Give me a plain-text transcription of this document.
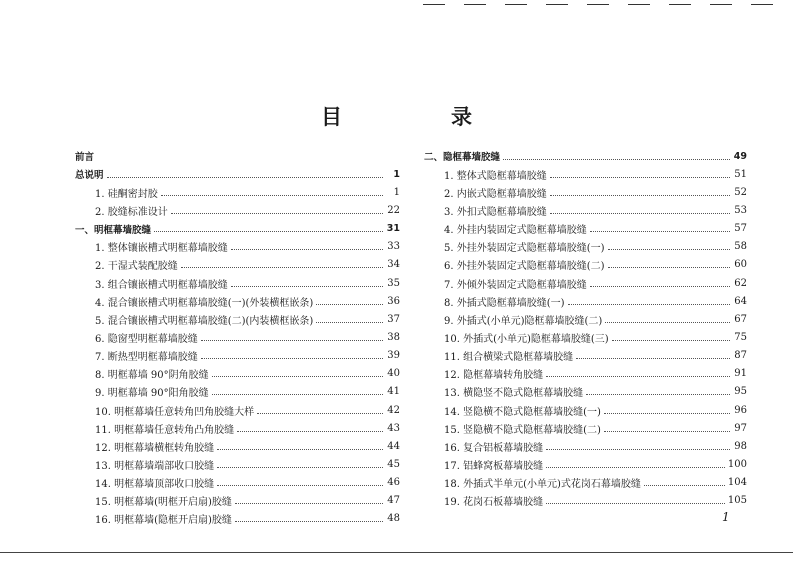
目　录
前言
总说明	1
1. 硅酮密封胶	1
2. 胶缝标准设计	22
一、明框幕墙胶缝	31
1. 整体镶嵌槽式明框幕墙胶缝	33
2. 干湿式装配胶缝	34
3. 组合镶嵌槽式明框幕墙胶缝	35
4. 混合镶嵌槽式明框幕墙胶缝(一)(外装横框嵌条)	36
5. 混合镶嵌槽式明框幕墙胶缝(二)(内装横框嵌条)	37
6. 隐窗型明框幕墙胶缝	38
7. 断热型明框幕墙胶缝	39
8. 明框幕墙 90°阴角胶缝	40
9. 明框幕墙 90°阳角胶缝	41
10. 明框幕墙任意转角凹角胶缝大样	42
11. 明框幕墙任意转角凸角胶缝	43
12. 明框幕墙横框转角胶缝	44
13. 明框幕墙端部收口胶缝	45
14. 明框幕墙顶部收口胶缝	46
15. 明框幕墙(明框开启扇)胶缝	47
16. 明框幕墙(隐框开启扇)胶缝	48
二、隐框幕墙胶缝	49
1. 整体式隐框幕墙胶缝	51
2. 内嵌式隐框幕墙胶缝	52
3. 外扣式隐框幕墙胶缝	53
4. 外挂内装固定式隐框幕墙胶缝	57
5. 外挂外装固定式隐框幕墙胶缝(一)	58
6. 外挂外装固定式隐框幕墙胶缝(二)	60
7. 外倾外装固定式隐框幕墙胶缝	62
8. 外插式隐框幕墙胶缝(一)	64
9. 外插式(小单元)隐框幕墙胶缝(二)	67
10. 外插式(小单元)隐框幕墙胶缝(三)	75
11. 组合横梁式隐框幕墙胶缝	87
12. 隐框幕墙转角胶缝	91
13. 横隐竖不隐式隐框幕墙胶缝	95
14. 竖隐横不隐式隐框幕墙胶缝(一)	96
15. 竖隐横不隐式隐框幕墙胶缝(二)	97
16. 复合铝板幕墙胶缝	98
17. 铝蜂窝板幕墙胶缝	100
18. 外插式半单元(小单元)式花岗石幕墙胶缝	104
19. 花岗石板幕墙胶缝	105
1
